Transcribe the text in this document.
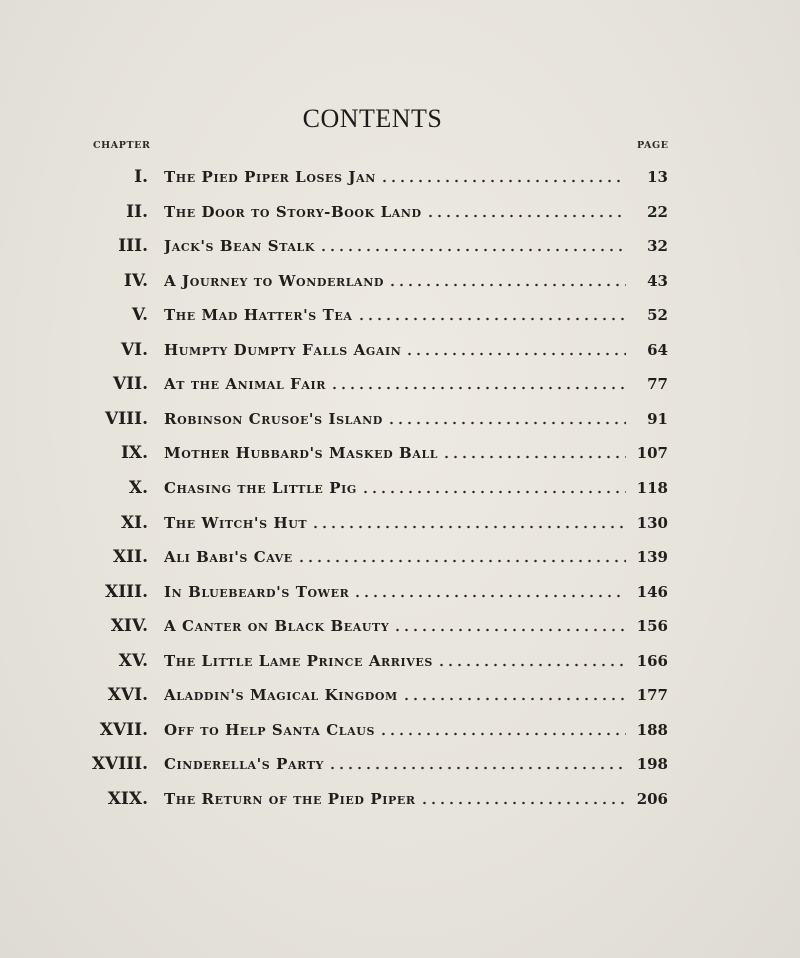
CONTENTS
CHAPTER	PAGE
I. The Pied Piper Loses Jan	13
II. The Door to Story-Book Land	22
III. Jack's Bean Stalk	32
IV. A Journey to Wonderland	43
V. The Mad Hatter's Tea	52
VI. Humpty Dumpty Falls Again	64
VII. At the Animal Fair	77
VIII. Robinson Crusoe's Island	91
IX. Mother Hubbard's Masked Ball	107
X. Chasing the Little Pig	118
XI. The Witch's Hut	130
XII. Ali Babi's Cave	139
XIII. In Bluebeard's Tower	146
XIV. A Canter on Black Beauty	156
XV. The Little Lame Prince Arrives	166
XVI. Aladdin's Magical Kingdom	177
XVII. Off to Help Santa Claus	188
XVIII. Cinderella's Party	198
XIX. The Return of the Pied Piper	206
